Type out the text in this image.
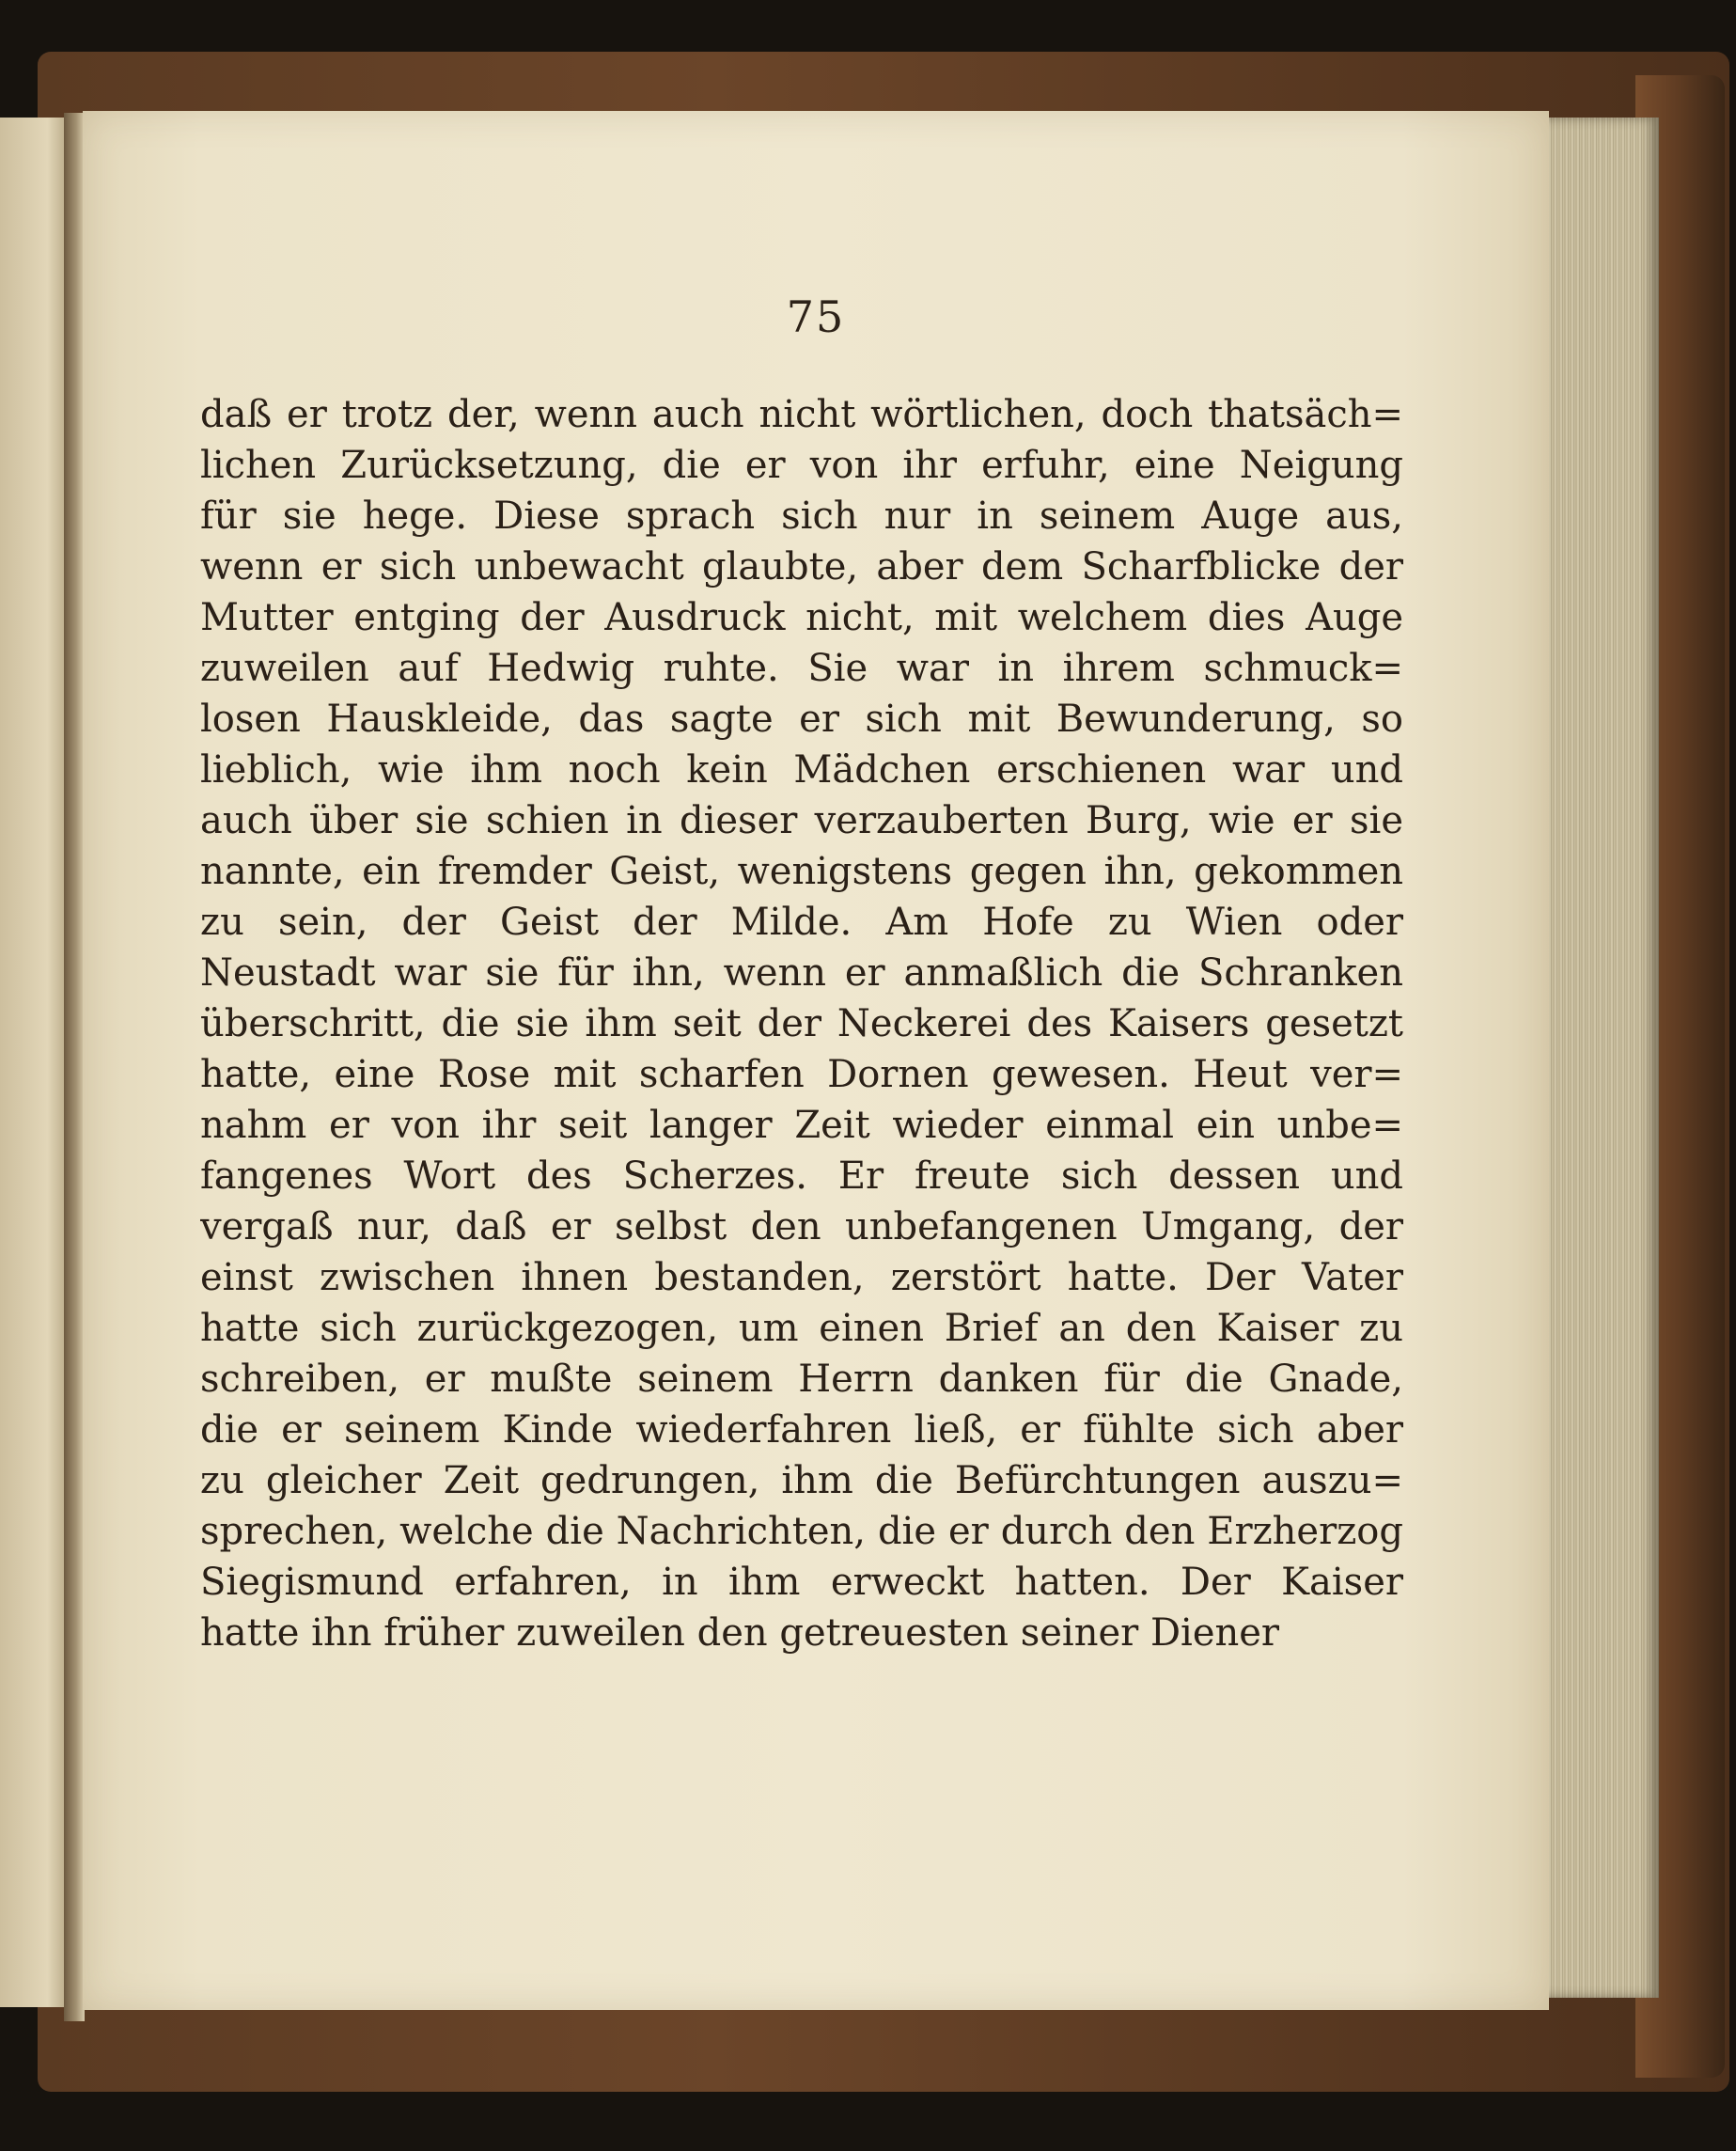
75
daß er trotz der, wenn auch nicht wörtlichen, doch thatsäch=
lichen Zurücksetzung, die er von ihr erfuhr, eine Neigung
für sie hege. Diese sprach sich nur in seinem Auge aus,
wenn er sich unbewacht glaubte, aber dem Scharfblicke der
Mutter entging der Ausdruck nicht, mit welchem dies Auge
zuweilen auf Hedwig ruhte. Sie war in ihrem schmuck=
losen Hauskleide, das sagte er sich mit Bewunderung, so
lieblich, wie ihm noch kein Mädchen erschienen war und
auch über sie schien in dieser verzauberten Burg, wie er sie
nannte, ein fremder Geist, wenigstens gegen ihn, gekommen
zu sein, der Geist der Milde. Am Hofe zu Wien oder
Neustadt war sie für ihn, wenn er anmaßlich die Schranken
überschritt, die sie ihm seit der Neckerei des Kaisers gesetzt
hatte, eine Rose mit scharfen Dornen gewesen. Heut ver=
nahm er von ihr seit langer Zeit wieder einmal ein unbe=
fangenes Wort des Scherzes. Er freute sich dessen und
vergaß nur, daß er selbst den unbefangenen Umgang, der
einst zwischen ihnen bestanden, zerstört hatte. Der Vater
hatte sich zurückgezogen, um einen Brief an den Kaiser zu
schreiben, er mußte seinem Herrn danken für die Gnade,
die er seinem Kinde wiederfahren ließ, er fühlte sich aber
zu gleicher Zeit gedrungen, ihm die Befürchtungen auszu=
sprechen, welche die Nachrichten, die er durch den Erzherzog
Siegismund erfahren, in ihm erweckt hatten. Der Kaiser
hatte ihn früher zuweilen den getreuesten seiner Diener
